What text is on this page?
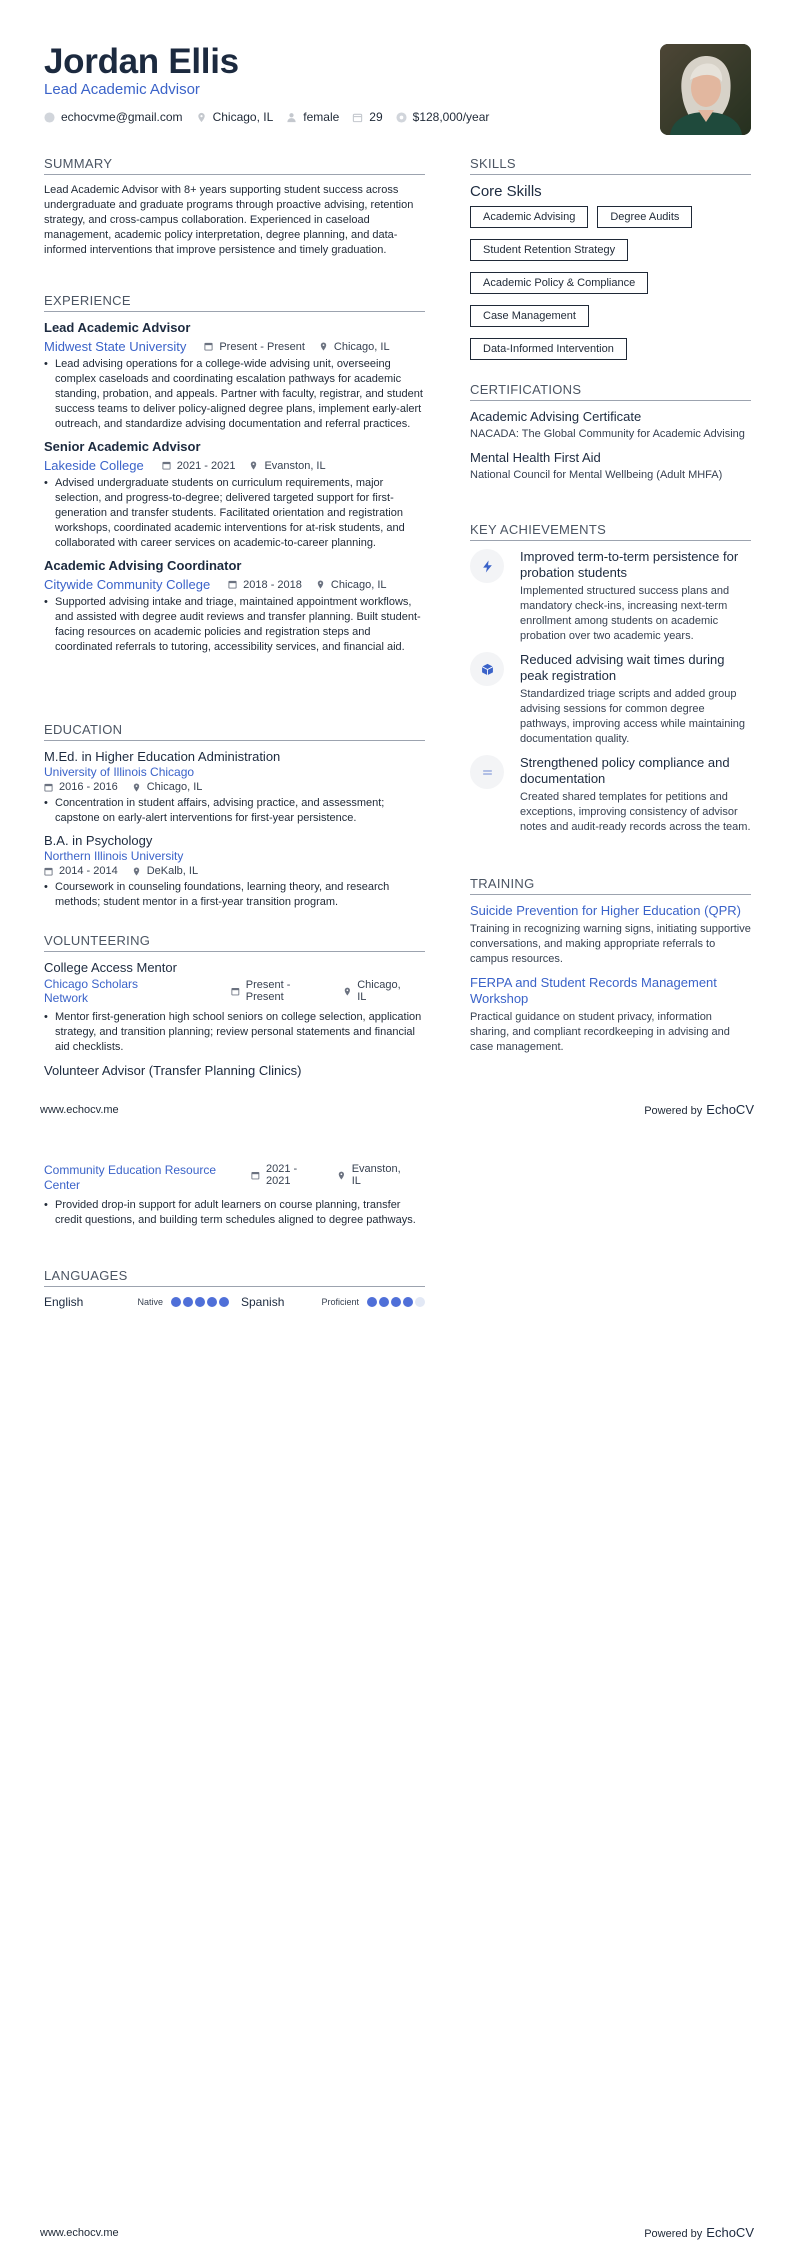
Jordan Ellis
Lead Academic Advisor
echocvme@gmail.com	Chicago, IL	female	29	$128,000/year
SUMMARY
Lead Academic Advisor with 8+ years supporting student success across undergraduate and graduate programs through proactive advising, retention strategy, and cross-campus collaboration. Experienced in caseload management, academic policy interpretation, degree planning, and data-informed interventions that improve persistence and timely graduation.
EXPERIENCE
Lead Academic Advisor
Midwest State University	Present - Present	Chicago, IL
• Lead advising operations for a college-wide advising unit, overseeing complex caseloads and coordinating escalation pathways for academic standing, probation, and appeals. Partner with faculty, registrar, and student success teams to deliver policy-aligned degree plans, implement early-alert outreach, and standardize advising documentation and referral practices.
Senior Academic Advisor
Lakeside College	2021 - 2021	Evanston, IL
• Advised undergraduate students on curriculum requirements, major selection, and progress-to-degree; delivered targeted support for first-generation and transfer students. Facilitated orientation and registration workshops, coordinated academic interventions for at-risk students, and collaborated with career services on academic-to-career planning.
Academic Advising Coordinator
Citywide Community College	2018 - 2018	Chicago, IL
• Supported advising intake and triage, maintained appointment workflows, and assisted with degree audit reviews and transfer planning. Built student-facing resources on academic policies and registration steps and coordinated referrals to tutoring, accessibility services, and financial aid.
EDUCATION
M.Ed. in Higher Education Administration
University of Illinois Chicago
2016 - 2016	Chicago, IL
• Concentration in student affairs, advising practice, and assessment; capstone on early-alert interventions for first-year persistence.
B.A. in Psychology
Northern Illinois University
2014 - 2014	DeKalb, IL
• Coursework in counseling foundations, learning theory, and research methods; student mentor in a first-year transition program.
VOLUNTEERING
College Access Mentor
Chicago Scholars Network
Present - Present
Chicago, IL
• Mentor first-generation high school seniors on college selection, application strategy, and transition planning; review personal statements and financial aid checklists.
Volunteer Advisor (Transfer Planning Clinics)
SKILLS
Core Skills
Academic Advising	Degree Audits
Student Retention Strategy
Academic Policy & Compliance
Case Management
Data-Informed Intervention
CERTIFICATIONS
Academic Advising Certificate
NACADA: The Global Community for Academic Advising
Mental Health First Aid
National Council for Mental Wellbeing (Adult MHFA)
KEY ACHIEVEMENTS
Improved term-to-term persistence for probation students
Implemented structured success plans and mandatory check-ins, increasing next-term enrollment among students on academic probation over two academic years.
Reduced advising wait times during peak registration
Standardized triage scripts and added group advising sessions for common degree pathways, improving access while maintaining documentation quality.
Strengthened policy compliance and documentation
Created shared templates for petitions and exceptions, improving consistency of advisor notes and audit-ready records across the team.
TRAINING
Suicide Prevention for Higher Education (QPR)
Training in recognizing warning signs, initiating supportive conversations, and making appropriate referrals to campus resources.
FERPA and Student Records Management Workshop
Practical guidance on student privacy, information sharing, and compliant recordkeeping in advising and case management.
www.echocv.me	Powered by EchoCV
Community Education Resource Center
2021 - 2021
Evanston, IL
• Provided drop-in support for adult learners on course planning, transfer credit questions, and building term schedules aligned to degree pathways.
LANGUAGES
English	Native	Spanish	Proficient
www.echocv.me	Powered by EchoCV
